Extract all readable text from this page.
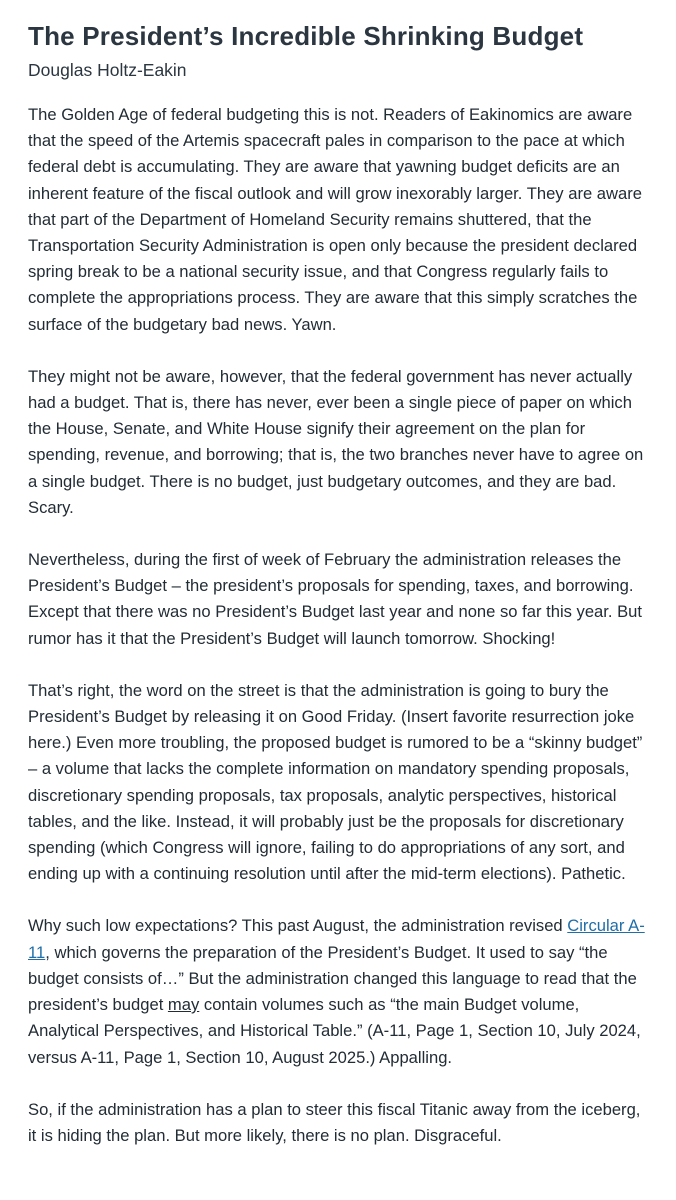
The President’s Incredible Shrinking Budget
Douglas Holtz-Eakin

The Golden Age of federal budgeting this is not. Readers of Eakinomics are aware that the speed of the Artemis spacecraft pales in comparison to the pace at which federal debt is accumulating. They are aware that yawning budget deficits are an inherent feature of the fiscal outlook and will grow inexorably larger. They are aware that part of the Department of Homeland Security remains shuttered, that the Transportation Security Administration is open only because the president declared spring break to be a national security issue, and that Congress regularly fails to complete the appropriations process. They are aware that this simply scratches the surface of the budgetary bad news. Yawn.

They might not be aware, however, that the federal government has never actually had a budget. That is, there has never, ever been a single piece of paper on which the House, Senate, and White House signify their agreement on the plan for spending, revenue, and borrowing; that is, the two branches never have to agree on a single budget. There is no budget, just budgetary outcomes, and they are bad. Scary.

Nevertheless, during the first of week of February the administration releases the President’s Budget – the president’s proposals for spending, taxes, and borrowing. Except that there was no President’s Budget last year and none so far this year. But rumor has it that the President’s Budget will launch tomorrow. Shocking!

That’s right, the word on the street is that the administration is going to bury the President’s Budget by releasing it on Good Friday. (Insert favorite resurrection joke here.) Even more troubling, the proposed budget is rumored to be a “skinny budget” – a volume that lacks the complete information on mandatory spending proposals, discretionary spending proposals, tax proposals, analytic perspectives, historical tables, and the like. Instead, it will probably just be the proposals for discretionary spending (which Congress will ignore, failing to do appropriations of any sort, and ending up with a continuing resolution until after the mid-term elections). Pathetic.

Why such low expectations? This past August, the administration revised Circular A-11, which governs the preparation of the President’s Budget. It used to say “the budget consists of…” But the administration changed this language to read that the president’s budget may contain volumes such as “the main Budget volume, Analytical Perspectives, and Historical Table.” (A-11, Page 1, Section 10, July 2024, versus A-11, Page 1, Section 10, August 2025.) Appalling.

So, if the administration has a plan to steer this fiscal Titanic away from the iceberg, it is hiding the plan. But more likely, there is no plan. Disgraceful.
